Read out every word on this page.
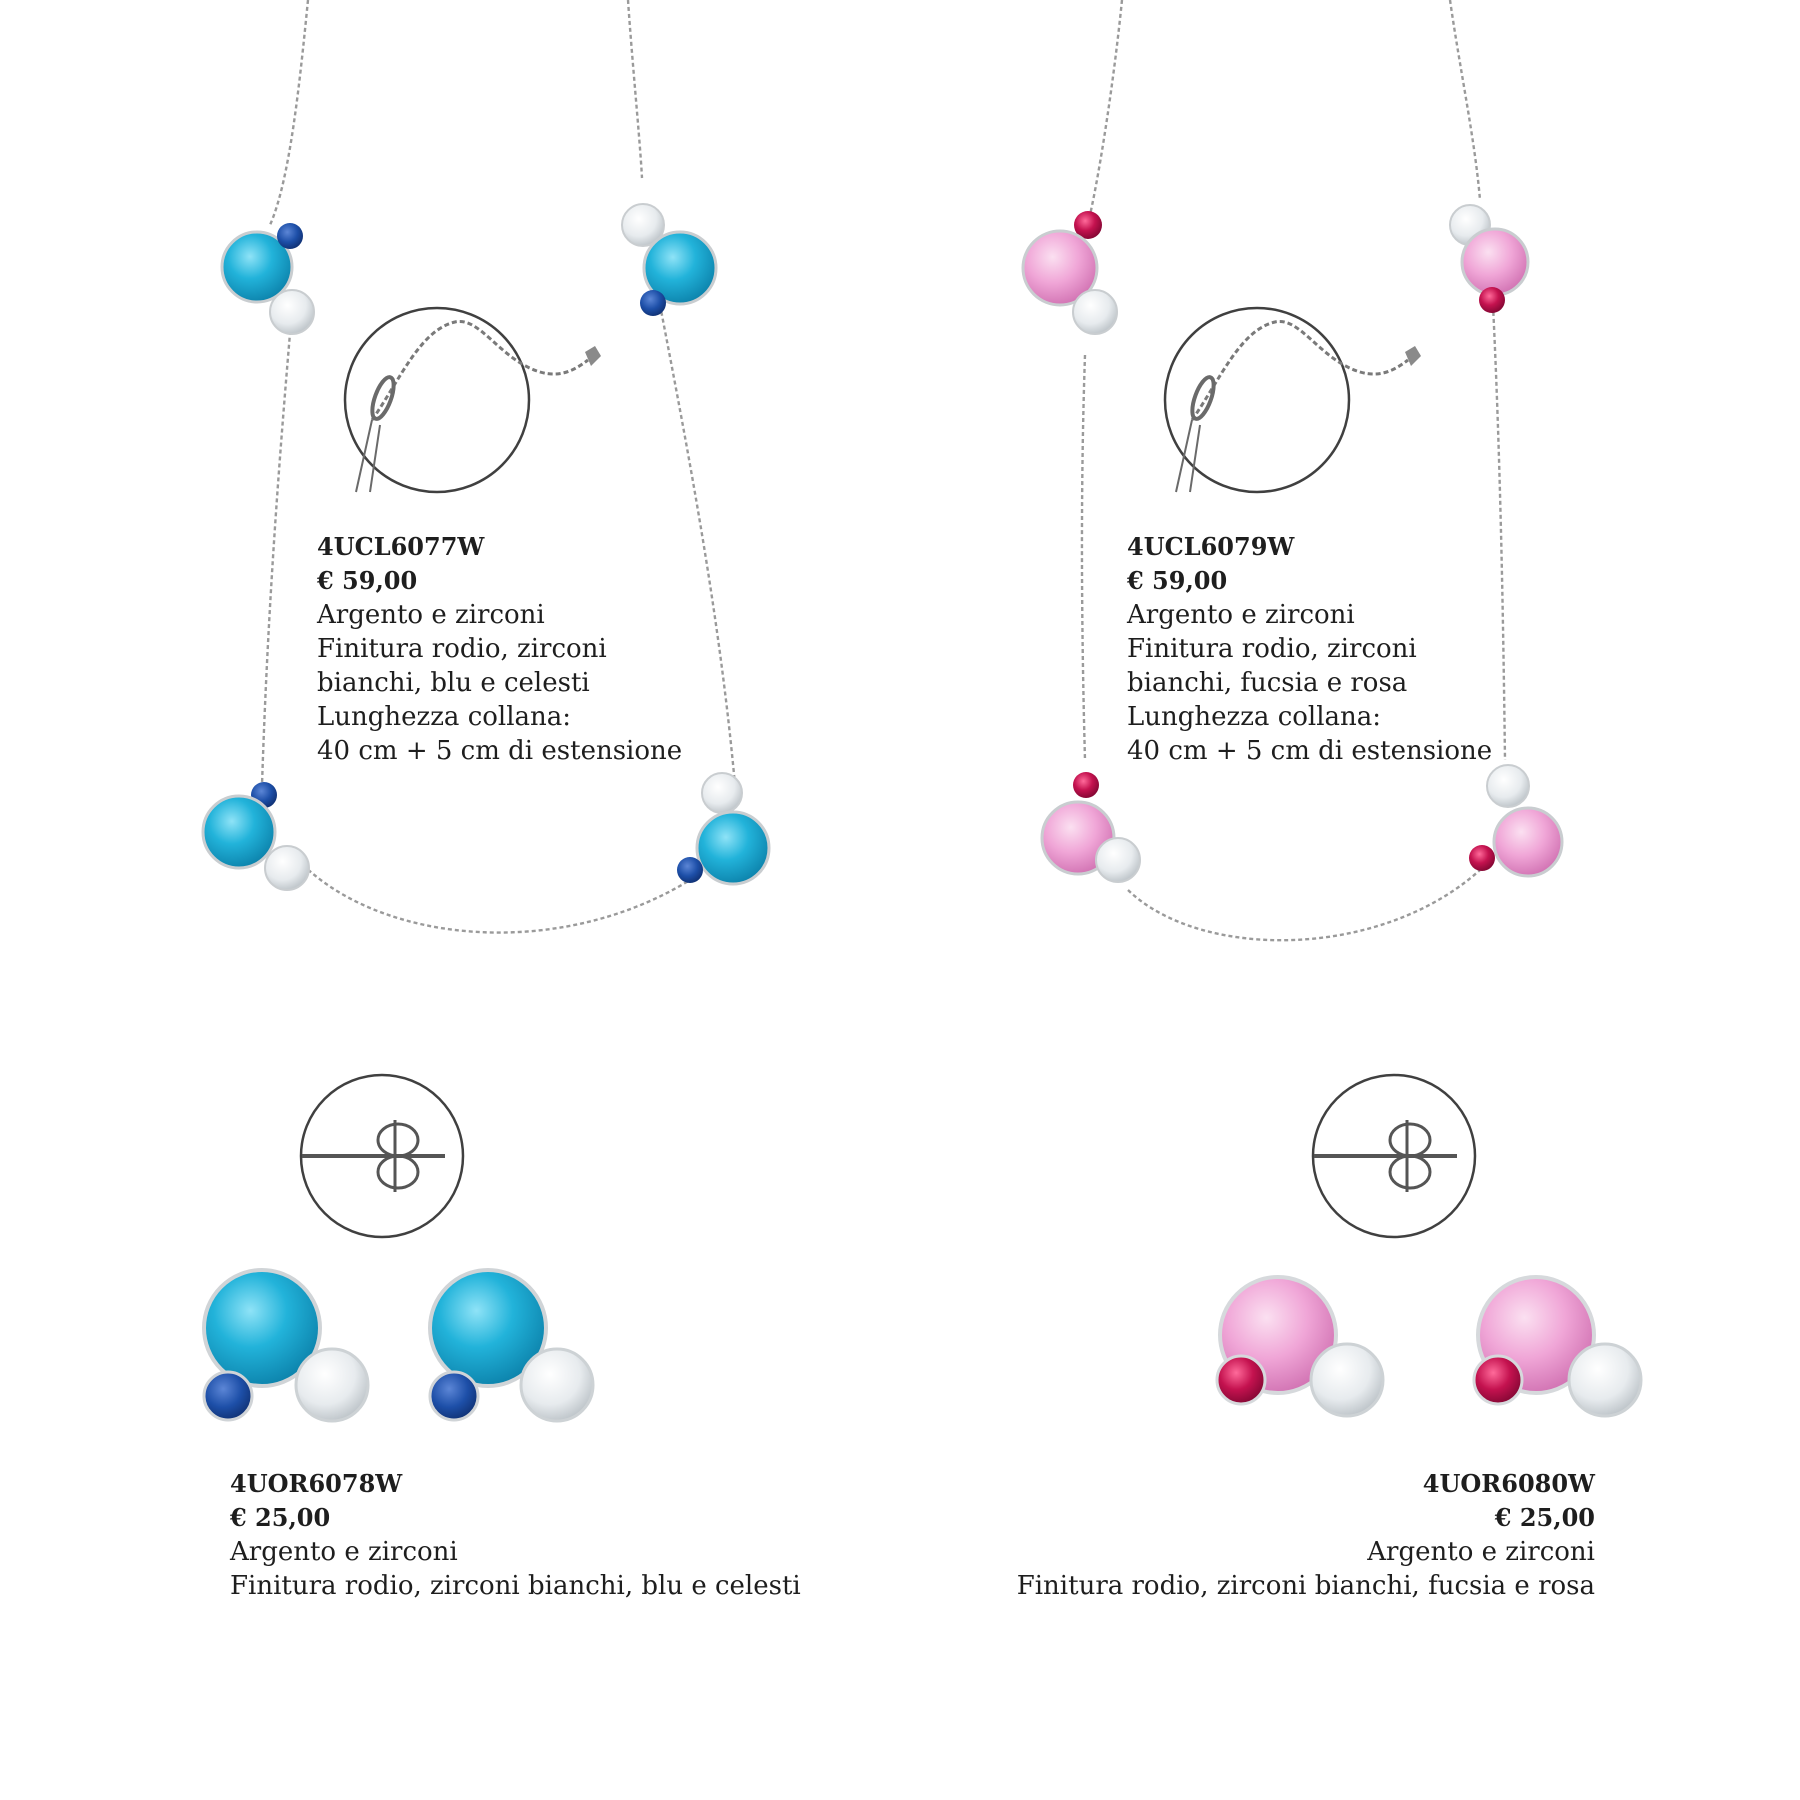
4UCL6077W
€ 59,00
Argento e zirconi
Finitura rodio, zirconi
bianchi, blu e celesti
Lunghezza collana:
40 cm + 5 cm di estensione
4UCL6079W
€ 59,00
Argento e zirconi
Finitura rodio, zirconi
bianchi, fucsia e rosa
Lunghezza collana:
40 cm + 5 cm di estensione
4UOR6078W
€ 25,00
Argento e zirconi
Finitura rodio, zirconi bianchi, blu e celesti
4UOR6080W
€ 25,00
Argento e zirconi
Finitura rodio, zirconi bianchi, fucsia e rosa
